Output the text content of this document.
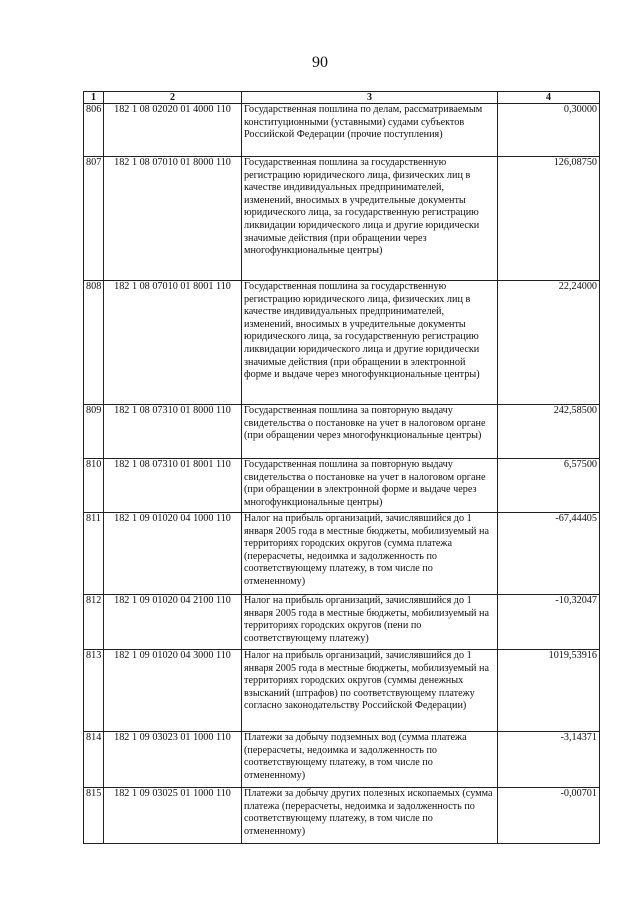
90
1	2	3	4
806	182 1 08 02020 01 4000 110	Государственная пошлина по делам, рассматриваемым конституционными (уставными) судами субъектов Российской Федерации (прочие поступления)	0,30000
807	182 1 08 07010 01 8000 110	Государственная пошлина за государственную регистрацию юридического лица, физических лиц в качестве индивидуальных предпринимателей, изменений, вносимых в учредительные документы юридического лица, за государственную регистрацию ликвидации юридического лица и другие юридически значимые действия (при обращении через многофункциональные центры)	126,08750
808	182 1 08 07010 01 8001 110	Государственная пошлина за государственную регистрацию юридического лица, физических лиц в качестве индивидуальных предпринимателей, изменений, вносимых в учредительные документы юридического лица, за государственную регистрацию ликвидации юридического лица и другие юридически значимые действия (при обращении в электронной форме и выдаче через многофункциональные центры)	22,24000
809	182 1 08 07310 01 8000 110	Государственная пошлина за повторную выдачу свидетельства о постановке на учет в налоговом органе (при обращении через многофункциональные центры)	242,58500
810	182 1 08 07310 01 8001 110	Государственная пошлина за повторную выдачу свидетельства о постановке на учет в налоговом органе (при обращении в электронной форме и выдаче через многофункциональные центры)	6,57500
811	182 1 09 01020 04 1000 110	Налог на прибыль организаций, зачислявшийся до 1 января 2005 года в местные бюджеты, мобилизуемый на территориях городских округов (сумма платежа (перерасчеты, недоимка и задолженность по соответствующему платежу, в том числе по отмененному)	-67,44405
812	182 1 09 01020 04 2100 110	Налог на прибыль организаций, зачислявшийся до 1 января 2005 года в местные бюджеты, мобилизуемый на территориях городских округов (пени по соответствующему платежу)	-10,32047
813	182 1 09 01020 04 3000 110	Налог на прибыль организаций, зачислявшийся до 1 января 2005 года в местные бюджеты, мобилизуемый на территориях городских округов (суммы денежных взысканий (штрафов) по соответствующему платежу согласно законодательству Российской Федерации)	1019,53916
814	182 1 09 03023 01 1000 110	Платежи за добычу подземных вод (сумма платежа (перерасчеты, недоимка и задолженность по соответствующему платежу, в том числе по отмененному)	-3,14371
815	182 1 09 03025 01 1000 110	Платежи за добычу других полезных ископаемых (сумма платежа (перерасчеты, недоимка и задолженность по соответствующему платежу, в том числе по отмененному)	-0,00701
